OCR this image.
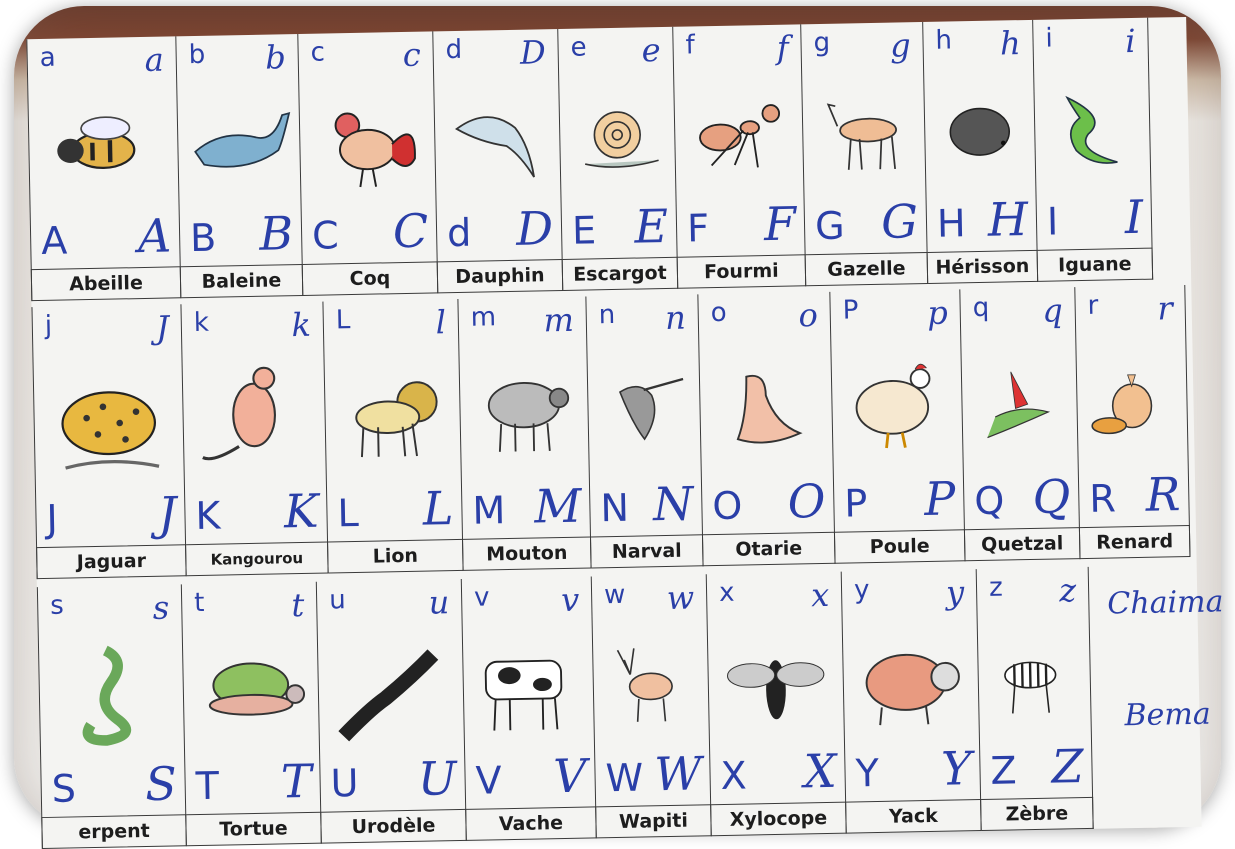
a	a
A A
b b
B B
c c
C C
d D
d D
e e
E E
f	f
F F
g g
G G
h h
H H
i i
I I
Abeille	Baleine	Coq	Dauphin	Escargot	Fourmi	Gazelle	Hérisson	Iguane
j	J
J J
k	k
K K
L	l
L L
m m
M M
n n
N N
o o
O O
P p
P P
q q
Q Q
r r
R R
Jaguar	Kangourou	Lion	Mouton	Narval	Otarie	Poule	Quetzal	Renard
s	s
S S
t	t
T T
u	u
U U
v v
V V
w w
W W
x x
X X
y y
Y Y
z z
Z Z
erpent	Tortue	Urodèle	Vache	Wapiti	Xylocope	Yack	Zèbre
Chaima
Bema
